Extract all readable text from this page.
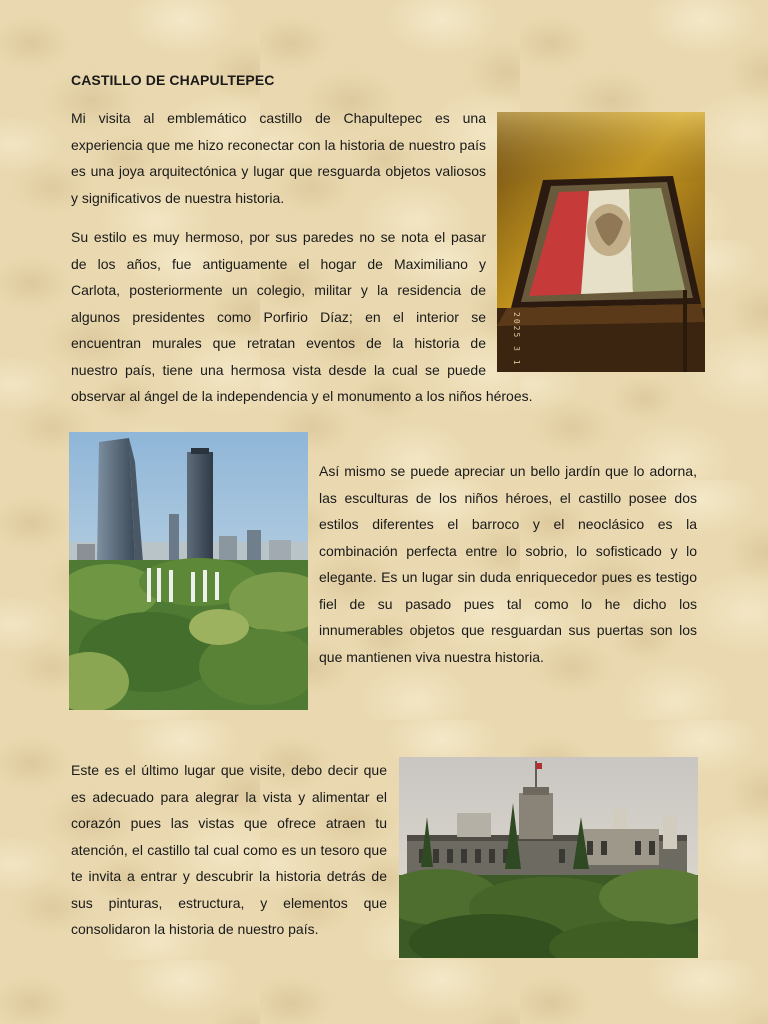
CASTILLO DE CHAPULTEPEC

Mi visita al emblemático castillo de Chapultepec es una experiencia que me hizo reconectar con la historia de nuestro país es una joya arquitectónica y lugar que resguarda objetos valiosos y significativos de nuestra historia.

Su estilo es muy hermoso, por sus paredes no se nota el pasar
de los años, fue antiguamente el hogar de Maximiliano y
Carlota, posteriormente un colegio, militar y la residencia de
algunos presidentes como Porfirio Díaz; en el interior se
encuentran murales que retratan eventos de la historia de
nuestro país, tiene una hermosa vista desde la cual se puede
observar al ángel de la independencia y el monumento a los niños héroes.

Así mismo se puede apreciar un bello jardín que lo adorna, las esculturas de los niños héroes, el castillo posee dos estilos diferentes el barroco y el neoclásico es la combinación perfecta entre lo sobrio, lo sofisticado y lo elegante. Es un lugar sin duda enriquecedor pues es testigo fiel de su pasado pues tal como lo he dicho los innumerables objetos que resguardan sus puertas son los que mantienen viva nuestra historia.

Este es el último lugar que visite, debo decir que es adecuado para alegrar la vista y alimentar el corazón pues las vistas que ofrece atraen tu atención, el castillo tal cual como es un tesoro que te invita a entrar y descubrir la historia detrás de sus pinturas, estructura, y elementos que consolidaron la historia de nuestro país.

2025 3 1
